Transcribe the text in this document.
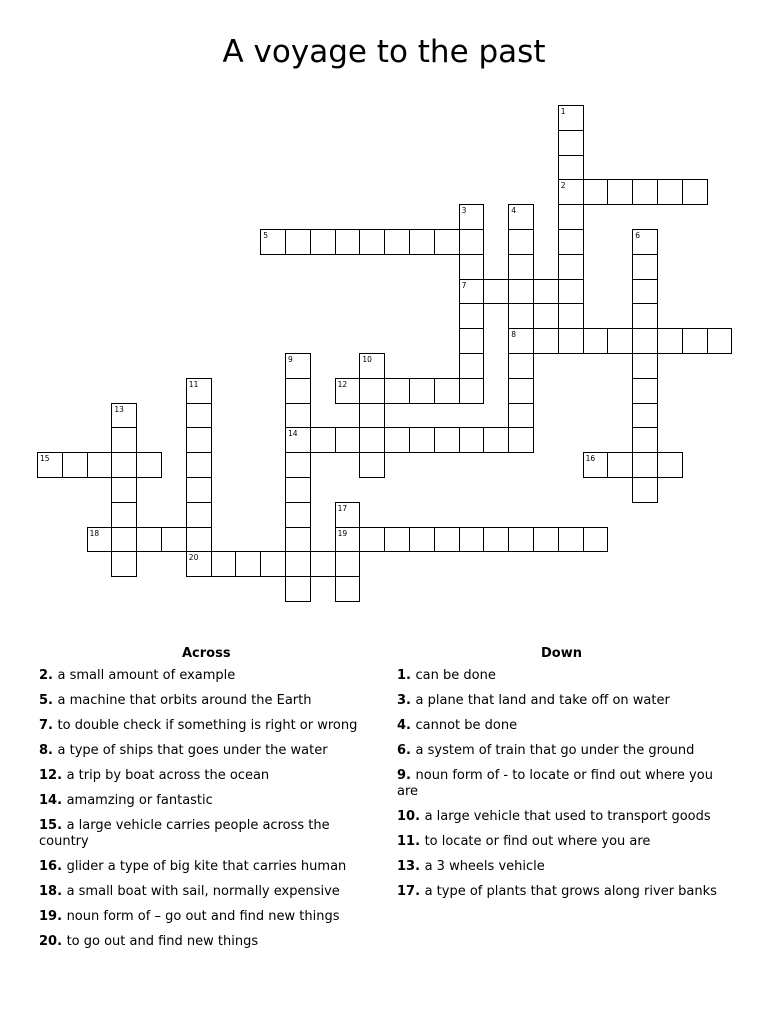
A voyage to the past
1
2
3	4
5	6
7
8
9	10
11	12
13
14
15	16
17
18	19
20
Across	Down
2. a small amount of example
5. a machine that orbits around the Earth
7. to double check if something is right or wrong
8. a type of ships that goes under the water
12. a trip by boat across the ocean
14. amamzing or fantastic
15. a large vehicle carries people across the country
16. glider a type of big kite that carries human
18. a small boat with sail, normally expensive
19. noun form of – go out and find new things
20. to go out and find new things
1. can be done
3. a plane that land and take off on water
4. cannot be done
6. a system of train that go under the ground
9. noun form of - to locate or find out where you are
10. a large vehicle that used to transport goods
11. to locate or find out where you are
13. a 3 wheels vehicle
17. a type of plants that grows along river banks
